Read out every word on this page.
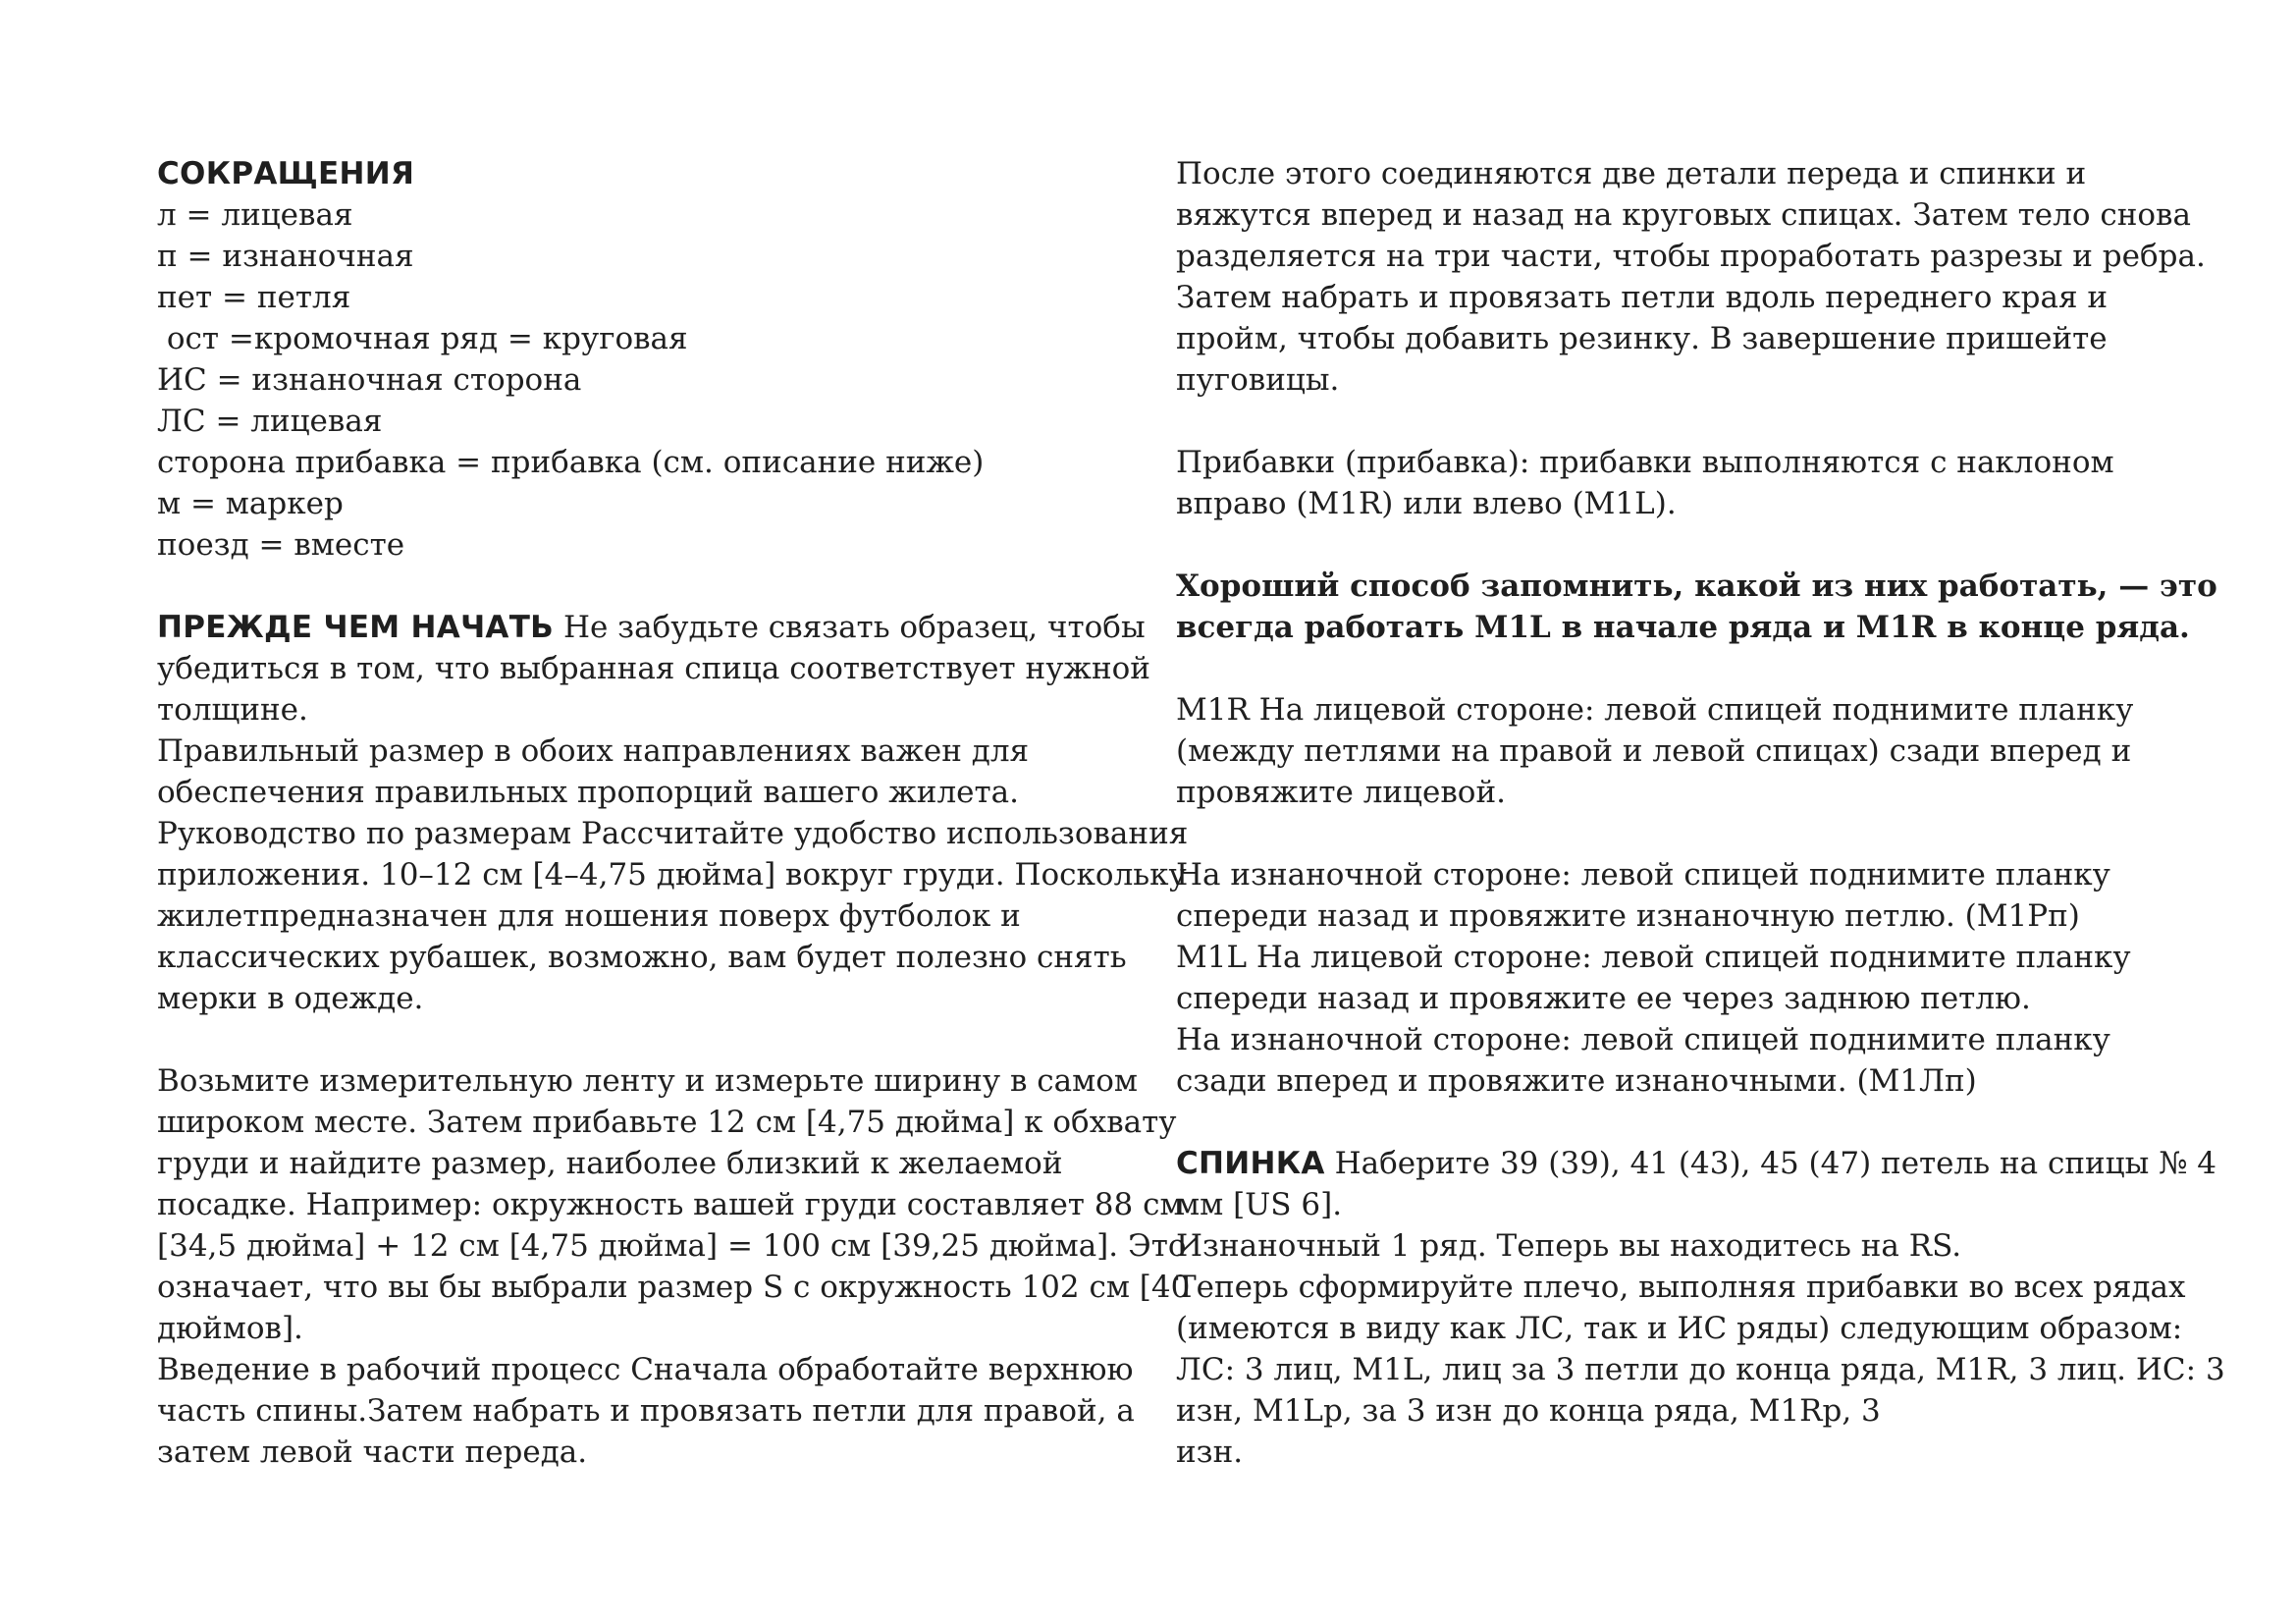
СОКРАЩЕНИЯ
л = лицевая
п = изнаночная
пет = петля
ост =кромочная ряд = круговая
ИС = изнаночная сторона
ЛС = лицевая
сторона прибавка = прибавка (см. описание ниже)
м = маркер
поезд = вместе
ПРЕЖДЕ ЧЕМ НАЧАТЬ Не забудьте связать образец, чтобы
убедиться в том, что выбранная спица соответствует нужной
толщине.
Правильный размер в обоих направлениях важен для
обеспечения правильных пропорций вашего жилета.
Руководство по размерам Рассчитайте удобство использования
приложения. 10–12 см [4–4,75 дюйма] вокруг груди. Поскольку
жилетпредназначен для ношения поверх футболок и
классических рубашек, возможно, вам будет полезно снять
мерки в одежде.
Возьмите измерительную ленту и измерьте ширину в самом
широком месте. Затем прибавьте 12 см [4,75 дюйма] к обхвату
груди и найдите размер, наиболее близкий к желаемой
посадке. Например: окружность вашей груди составляет 88 см
[34,5 дюйма] + 12 см [4,75 дюйма] = 100 см [39,25 дюйма]. Это
означает, что вы бы выбрали размер S с окружность 102 см [40
дюймов].
Введение в рабочий процесс Сначала обработайте верхнюю
часть спины.Затем набрать и провязать петли для правой, а
затем левой части переда.
После этого соединяются две детали переда и спинки и
вяжутся вперед и назад на круговых спицах. Затем тело снова
разделяется на три части, чтобы проработать разрезы и ребра.
Затем набрать и провязать петли вдоль переднего края и
пройм, чтобы добавить резинку. В завершение пришейте
пуговицы.
Прибавки (прибавка): прибавки выполняются с наклоном
вправо (M1R) или влево (M1L).
Хороший способ запомнить, какой из них работать, — это
всегда работать M1L в начале ряда и M1R в конце ряда.
M1R На лицевой стороне: левой спицей поднимите планку
(между петлями на правой и левой спицах) сзади вперед и
провяжите лицевой.
На изнаночной стороне: левой спицей поднимите планку
спереди назад и провяжите изнаночную петлю. (M1Pп)
M1L На лицевой стороне: левой спицей поднимите планку
спереди назад и провяжите ее через заднюю петлю.
На изнаночной стороне: левой спицей поднимите планку
сзади вперед и провяжите изнаночными. (M1Лп)
СПИНКА Наберите 39 (39), 41 (43), 45 (47) петель на спицы № 4
мм [US 6].
Изнаночный 1 ряд. Теперь вы находитесь на RS.
Теперь сформируйте плечо, выполняя прибавки во всех рядах
(имеются в виду как ЛС, так и ИС ряды) следующим образом:
ЛС: 3 лиц, M1L, лиц за 3 петли до конца ряда, M1R, 3 лиц. ИС: 3
изн, M1Lp, за 3 изн до конца ряда, M1Rp, 3
изн.
